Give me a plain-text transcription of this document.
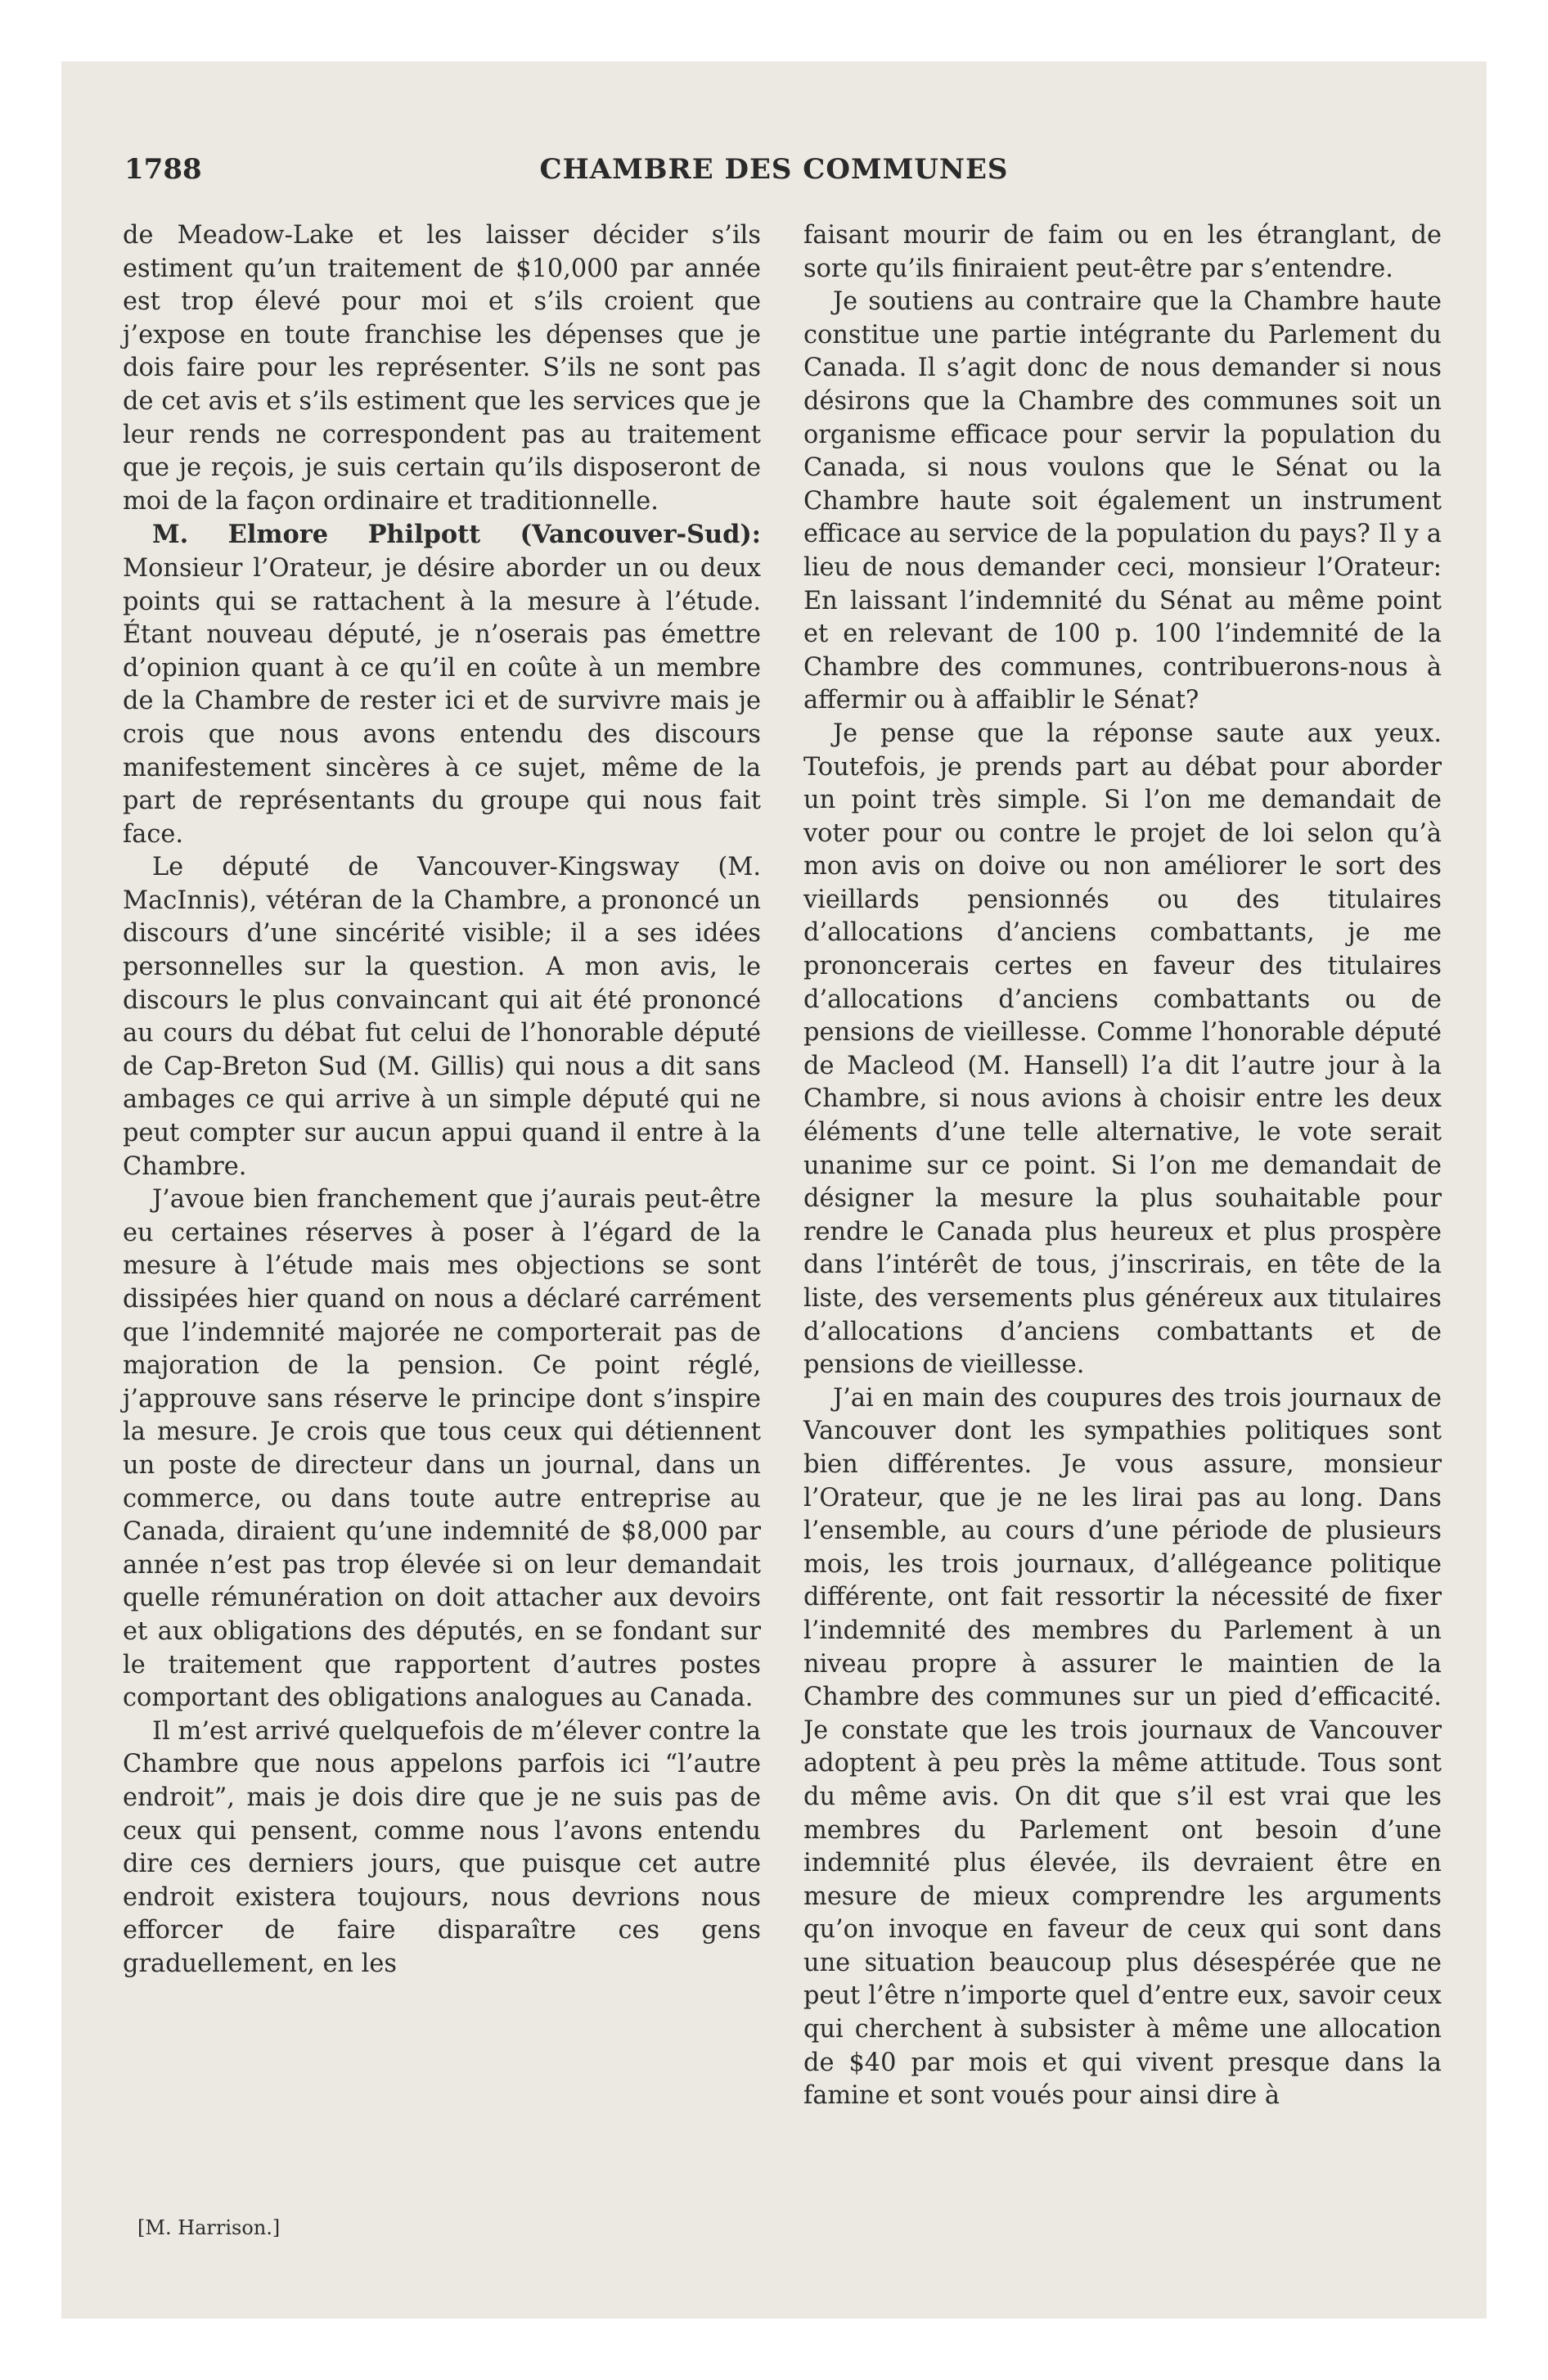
1788	CHAMBRE DES COMMUNES

de Meadow-Lake et les laisser décider s’ils estiment qu’un traitement de $10,000 par année est trop élevé pour moi et s’ils croient que j’expose en toute franchise les dépenses que je dois faire pour les représenter. S’ils ne sont pas de cet avis et s’ils estiment que les services que je leur rends ne correspondent pas au traitement que je reçois, je suis certain qu’ils disposeront de moi de la façon ordinaire et traditionnelle.

M. Elmore Philpott (Vancouver-Sud): Monsieur l’Orateur, je désire aborder un ou deux points qui se rattachent à la mesure à l’étude. Étant nouveau député, je n’oserais pas émettre d’opinion quant à ce qu’il en coûte à un membre de la Chambre de rester ici et de survivre mais je crois que nous avons entendu des discours manifestement sincères à ce sujet, même de la part de représentants du groupe qui nous fait face.

Le député de Vancouver-Kingsway (M. MacInnis), vétéran de la Chambre, a prononcé un discours d’une sincérité visible; il a ses idées personnelles sur la question. A mon avis, le discours le plus convaincant qui ait été prononcé au cours du débat fut celui de l’honorable député de Cap-Breton Sud (M. Gillis) qui nous a dit sans ambages ce qui arrive à un simple député qui ne peut compter sur aucun appui quand il entre à la Chambre.

J’avoue bien franchement que j’aurais peut-être eu certaines réserves à poser à l’égard de la mesure à l’étude mais mes objections se sont dissipées hier quand on nous a déclaré carrément que l’indemnité majorée ne comporterait pas de majoration de la pension. Ce point réglé, j’approuve sans réserve le principe dont s’inspire la mesure. Je crois que tous ceux qui détiennent un poste de directeur dans un journal, dans un commerce, ou dans toute autre entreprise au Canada, diraient qu’une indemnité de $8,000 par année n’est pas trop élevée si on leur demandait quelle rémunération on doit attacher aux devoirs et aux obligations des députés, en se fondant sur le traitement que rapportent d’autres postes comportant des obligations analogues au Canada.

Il m’est arrivé quelquefois de m’élever contre la Chambre que nous appelons parfois ici “l’autre endroit”, mais je dois dire que je ne suis pas de ceux qui pensent, comme nous l’avons entendu dire ces derniers jours, que puisque cet autre endroit existera toujours, nous devrions nous efforcer de faire disparaître ces gens graduellement, en les

faisant mourir de faim ou en les étranglant, de sorte qu’ils finiraient peut-être par s’entendre.

Je soutiens au contraire que la Chambre haute constitue une partie intégrante du Parlement du Canada. Il s’agit donc de nous demander si nous désirons que la Chambre des communes soit un organisme efficace pour servir la population du Canada, si nous voulons que le Sénat ou la Chambre haute soit également un instrument efficace au service de la population du pays? Il y a lieu de nous demander ceci, monsieur l’Orateur: En laissant l’indemnité du Sénat au même point et en relevant de 100 p. 100 l’indemnité de la Chambre des communes, contribuerons-nous à affermir ou à affaiblir le Sénat?

Je pense que la réponse saute aux yeux. Toutefois, je prends part au débat pour aborder un point très simple. Si l’on me demandait de voter pour ou contre le projet de loi selon qu’à mon avis on doive ou non améliorer le sort des vieillards pensionnés ou des titulaires d’allocations d’anciens combattants, je me prononcerais certes en faveur des titulaires d’allocations d’anciens combattants ou de pensions de vieillesse. Comme l’honorable député de Macleod (M. Hansell) l’a dit l’autre jour à la Chambre, si nous avions à choisir entre les deux éléments d’une telle alternative, le vote serait unanime sur ce point. Si l’on me demandait de désigner la mesure la plus souhaitable pour rendre le Canada plus heureux et plus prospère dans l’intérêt de tous, j’inscrirais, en tête de la liste, des versements plus généreux aux titulaires d’allocations d’anciens combattants et de pensions de vieillesse.

J’ai en main des coupures des trois journaux de Vancouver dont les sympathies politiques sont bien différentes. Je vous assure, monsieur l’Orateur, que je ne les lirai pas au long. Dans l’ensemble, au cours d’une période de plusieurs mois, les trois journaux, d’allégeance politique différente, ont fait ressortir la nécessité de fixer l’indemnité des membres du Parlement à un niveau propre à assurer le maintien de la Chambre des communes sur un pied d’efficacité. Je constate que les trois journaux de Vancouver adoptent à peu près la même attitude. Tous sont du même avis. On dit que s’il est vrai que les membres du Parlement ont besoin d’une indemnité plus élevée, ils devraient être en mesure de mieux comprendre les arguments qu’on invoque en faveur de ceux qui sont dans une situation beaucoup plus désespérée que ne peut l’être n’importe quel d’entre eux, savoir ceux qui cherchent à subsister à même une allocation de $40 par mois et qui vivent presque dans la famine et sont voués pour ainsi dire à

[M. Harrison.]
